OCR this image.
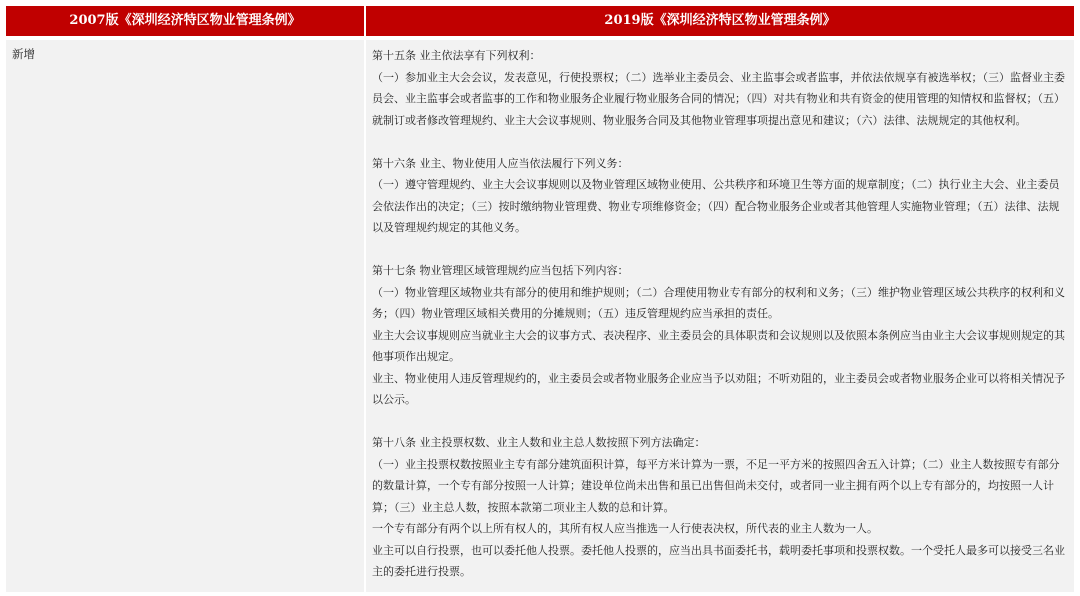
2007版《深圳经济特区物业管理条例》	2019版《深圳经济特区物业管理条例》
新增	第十五条 业主依法享有下列权利：

（一）参加业主大会会议，发表意见，行使投票权；（二）选举业主委员会、业主监事会或者监事，并依法依规享有被选举权；（三）监督业主委员会、业主监事会或者监事的工作和物业服务企业履行物业服务合同的情况；（四）对共有物业和共有资金的使用管理的知情权和监督权；（五）就制订或者修改管理规约、业主大会议事规则、物业服务合同及其他物业管理事项提出意见和建议；（六）法律、法规规定的其他权利。

第十六条 业主、物业使用人应当依法履行下列义务：

（一）遵守管理规约、业主大会议事规则以及物业管理区域物业使用、公共秩序和环境卫生等方面的规章制度；（二）执行业主大会、业主委员会依法作出的决定；（三）按时缴纳物业管理费、物业专项维修资金；（四）配合物业服务企业或者其他管理人实施物业管理；（五）法律、法规以及管理规约规定的其他义务。

第十七条 物业管理区域管理规约应当包括下列内容：

（一）物业管理区域物业共有部分的使用和维护规则；（二）合理使用物业专有部分的权利和义务；（三）维护物业管理区域公共秩序的权利和义务；（四）物业管理区域相关费用的分摊规则；（五）违反管理规约应当承担的责任。

业主大会议事规则应当就业主大会的议事方式、表决程序、业主委员会的具体职责和会议规则以及依照本条例应当由业主大会议事规则规定的其他事项作出规定。

业主、物业使用人违反管理规约的，业主委员会或者物业服务企业应当予以劝阻；不听劝阻的，业主委员会或者物业服务企业可以将相关情况予以公示。

第十八条 业主投票权数、业主人数和业主总人数按照下列方法确定：

（一）业主投票权数按照业主专有部分建筑面积计算，每平方米计算为一票，不足一平方米的按照四舍五入计算；（二）业主人数按照专有部分的数量计算，一个专有部分按照一人计算；建设单位尚未出售和虽已出售但尚未交付，或者同一业主拥有两个以上专有部分的，均按照一人计算；（三）业主总人数，按照本款第二项业主人数的总和计算。

一个专有部分有两个以上所有权人的，其所有权人应当推选一人行使表决权，所代表的业主人数为一人。

业主可以自行投票，也可以委托他人投票。委托他人投票的，应当出具书面委托书，载明委托事项和投票权数。一个受托人最多可以接受三名业主的委托进行投票。
